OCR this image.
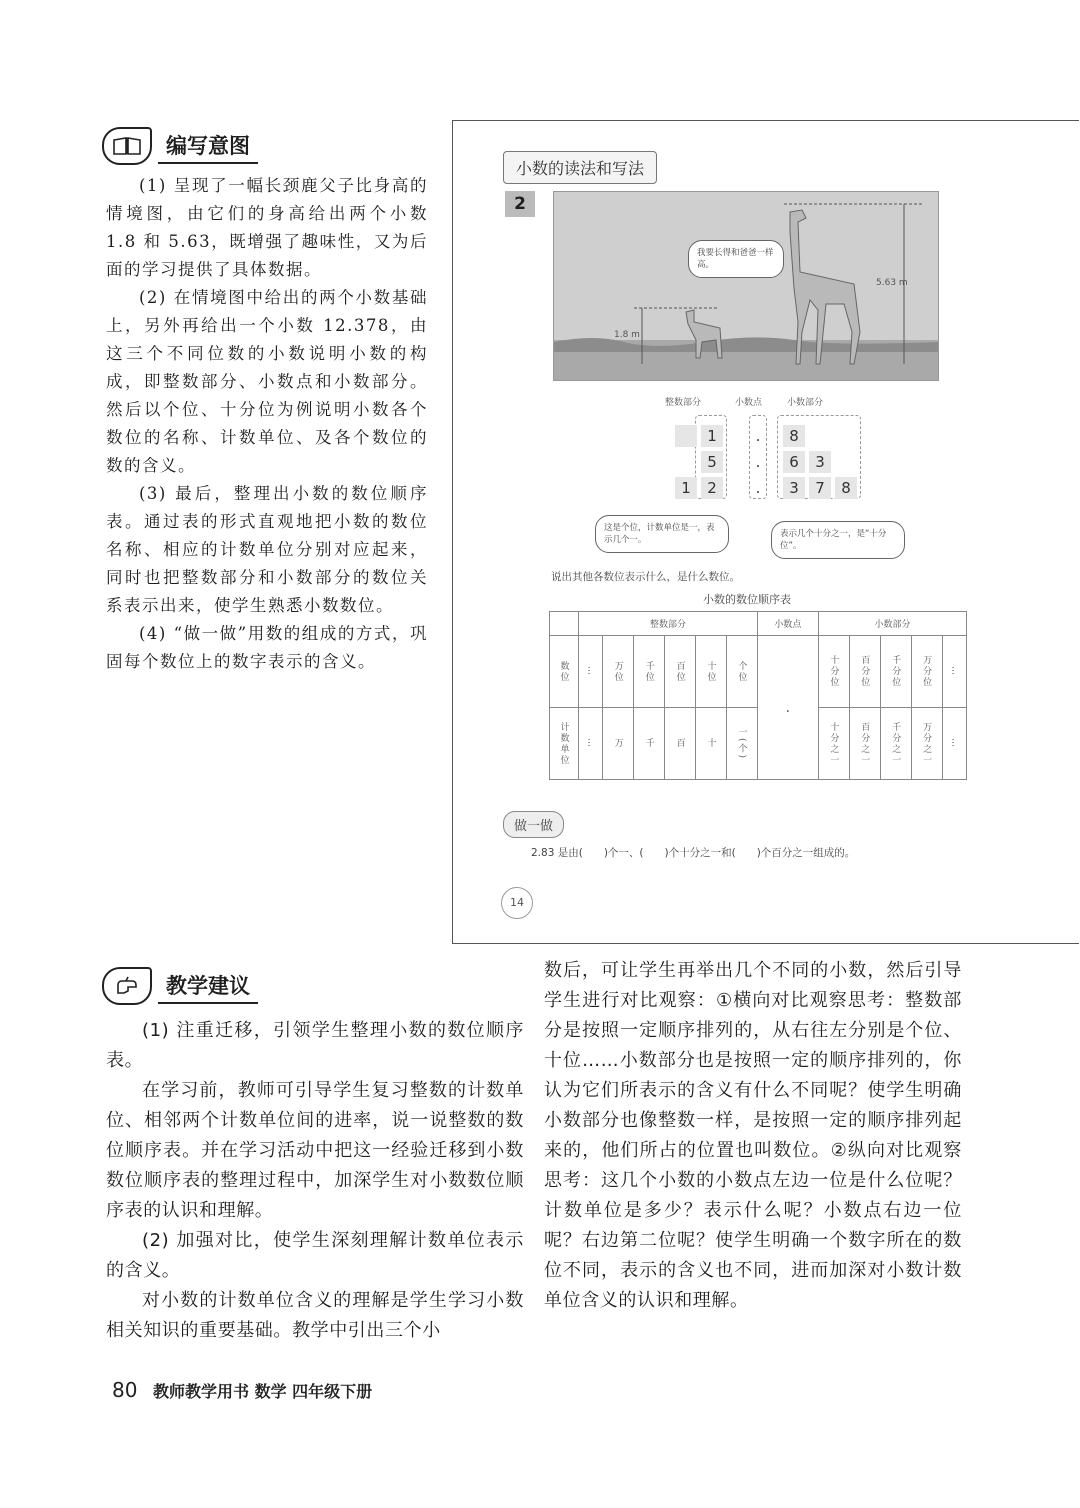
编写意图

(1) 呈现了一幅长颈鹿父子比身高的情境图，由它们的身高给出两个小数 1.8 和 5.63，既增强了趣味性，又为后面的学习提供了具体数据。

(2) 在情境图中给出的两个小数基础上，另外再给出一个小数 12.378，由这三个不同位数的小数说明小数的构成，即整数部分、小数点和小数部分。然后以个位、十分位为例说明小数各个数位的名称、计数单位、及各个数位的数的含义。

(3) 最后，整理出小数的数位顺序表。通过表的形式直观地把小数的数位名称、相应的计数单位分别对应起来，同时也把整数部分和小数部分的数位关系表示出来，使学生熟悉小数数位。

(4) “做一做”用数的组成的方式，巩固每个数位上的数字表示的含义。

小数的读法和写法
2
5.63 m
1.8 m
我要长得和爸爸一样高。
整数部分	小数点	小数部分
1	.	8
5	.	6	3
1	2	.	3	7	8
这是个位，计数单位是一，表示几个一。
表示几个十分之一，是“十分位”。
说出其他各数位表示什么，是什么数位。
小数的数位顺序表
	整数部分						小数点	小数部分				
数位	…	万位	千位	百位	十位	个位	.	十分位	百分位	千分位	万分位	…
计数单位	…	万	千	百	十	一(个)		十分之一	百分之一	千分之一	万分之一	…
做一做
2.83 是由(　　)个一、(　　)个十分之一和(　　)个百分之一组成的。
14
教学建议

(1) 注重迁移，引领学生整理小数的数位顺序表。

在学习前，教师可引导学生复习整数的计数单位、相邻两个计数单位间的进率，说一说整数的数位顺序表。并在学习活动中把这一经验迁移到小数数位顺序表的整理过程中，加深学生对小数数位顺序表的认识和理解。

(2) 加强对比，使学生深刻理解计数单位表示的含义。

对小数的计数单位含义的理解是学生学习小数相关知识的重要基础。教学中引出三个小

数后，可让学生再举出几个不同的小数，然后引导学生进行对比观察：①横向对比观察思考：整数部分是按照一定顺序排列的，从右往左分别是个位、十位……小数部分也是按照一定的顺序排列的，你认为它们所表示的含义有什么不同呢？使学生明确小数部分也像整数一样，是按照一定的顺序排列起来的，他们所占的位置也叫数位。②纵向对比观察思考：这几个小数的小数点左边一位是什么位呢？计数单位是多少？表示什么呢？小数点右边一位呢？右边第二位呢？使学生明确一个数字所在的数位不同，表示的含义也不同，进而加深对小数计数单位含义的认识和理解。

80 教师教学用书 数学 四年级下册
